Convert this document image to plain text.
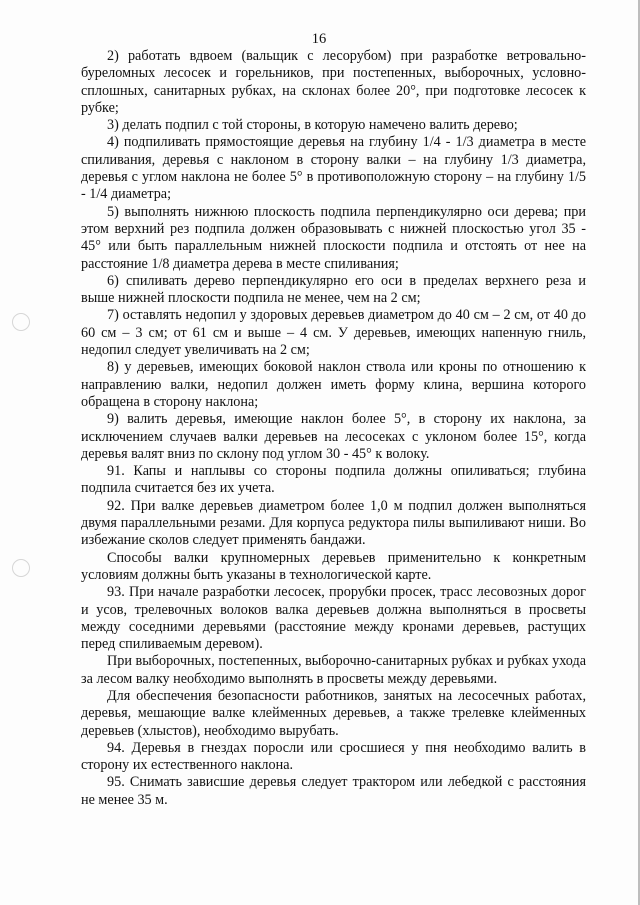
16

2) работать вдвоем (вальщик с лесорубом) при разработке ветровально-буреломных лесосек и горельников, при постепенных, выборочных, условно-сплошных, санитарных рубках, на склонах более 20°, при подготовке лесосек к рубке;

3) делать подпил с той стороны, в которую намечено валить дерево;

4) подпиливать прямостоящие деревья на глубину 1/4 - 1/3 диаметра в месте спиливания, деревья с наклоном в сторону валки – на глубину 1/3 диаметра, деревья с углом наклона не более 5° в противоположную сторону – на глубину 1/5 - 1/4 диаметра;

5) выполнять нижнюю плоскость подпила перпендикулярно оси дерева; при этом верхний рез подпила должен образовывать с нижней плоскостью угол 35 - 45° или быть параллельным нижней плоскости подпила и отстоять от нее на расстояние 1/8 диаметра дерева в месте спиливания;

6) спиливать дерево перпендикулярно его оси в пределах верхнего реза и выше нижней плоскости подпила не менее, чем на 2 см;

7) оставлять недопил у здоровых деревьев диаметром до 40 см – 2 см, от 40 до 60 см – 3 см; от 61 см и выше – 4 см. У деревьев, имеющих напенную гниль, недопил следует увеличивать на 2 см;

8) у деревьев, имеющих боковой наклон ствола или кроны по отношению к направлению валки, недопил должен иметь форму клина, вершина которого обращена в сторону наклона;

9) валить деревья, имеющие наклон более 5°, в сторону их наклона, за исключением случаев валки деревьев на лесосеках с уклоном более 15°, когда деревья валят вниз по склону под углом 30 - 45° к волоку.

91. Капы и наплывы со стороны подпила должны опиливаться; глубина подпила считается без их учета.

92. При валке деревьев диаметром более 1,0 м подпил должен выполняться двумя параллельными резами. Для корпуса редуктора пилы выпиливают ниши. Во избежание сколов следует применять бандажи.

Способы валки крупномерных деревьев применительно к конкретным условиям должны быть указаны в технологической карте.

93. При начале разработки лесосек, прорубки просек, трасс лесовозных дорог и усов, трелевочных волоков валка деревьев должна выполняться в просветы между соседними деревьями (расстояние между кронами деревьев, растущих перед спиливаемым деревом).

При выборочных, постепенных, выборочно-санитарных рубках и рубках ухода за лесом валку необходимо выполнять в просветы между деревьями.

Для обеспечения безопасности работников, занятых на лесосечных работах, деревья, мешающие валке клейменных деревьев, а также трелевке клейменных деревьев (хлыстов), необходимо вырубать.

94. Деревья в гнездах поросли или сросшиеся у пня необходимо валить в сторону их естественного наклона.

95. Снимать зависшие деревья следует трактором или лебедкой с расстояния не менее 35 м.
